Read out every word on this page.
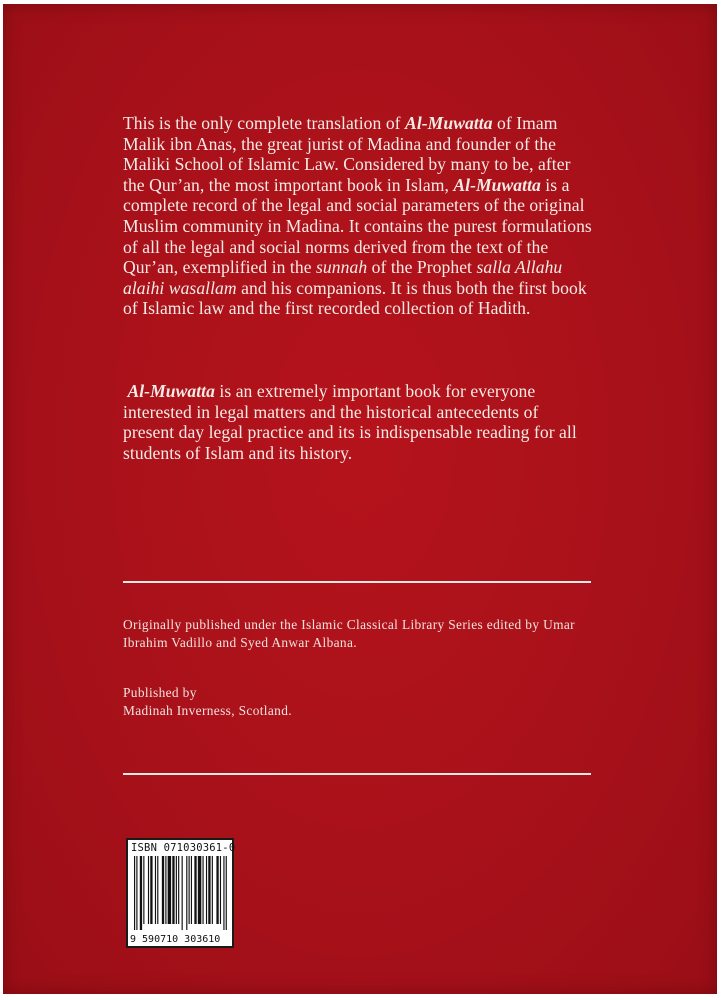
This is the only complete translation of Al-Muwatta of Imam Malik ibn Anas, the great jurist of Madina and founder of the Maliki School of Islamic Law. Considered by many to be, after the Qur’an, the most important book in Islam, Al-Muwatta is a complete record of the legal and social parameters of the original Muslim community in Madina. It contains the purest formulations of all the legal and social norms derived from the text of the Qur’an, exemplified in the sunnah of the Prophet salla Allahu alaihi wasallam and his companions. It is thus both the first book of Islamic law and the first recorded collection of Hadith.

Al-Muwatta is an extremely important book for everyone interested in legal matters and the historical antecedents of present day legal practice and its is indispensable reading for all students of Islam and its history.

Originally published under the Islamic Classical Library Series edited by Umar Ibrahim Vadillo and Syed Anwar Albana.

Published by
Madinah Inverness, Scotland.

ISBN 071030361-0

9 590710 303610
